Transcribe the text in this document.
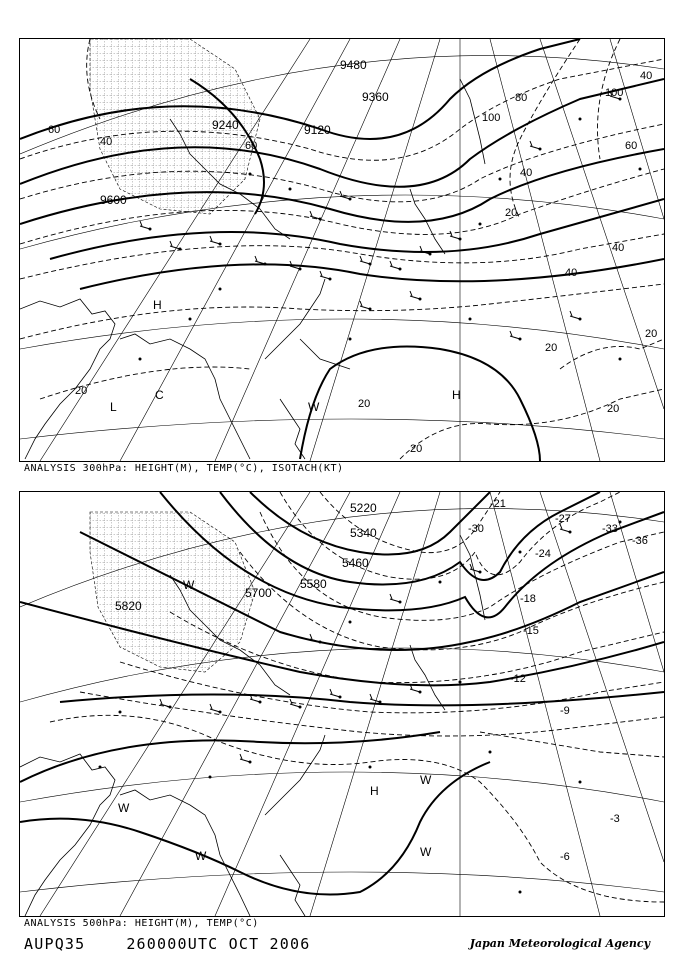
9600
9120
9240
9360
9480
20
20
20
20
20
20
20
40
40
40
40
60
60
60
80
40
100
100
H
L
C
W
H
ANALYSIS 300hPa: HEIGHT(M), TEMP(°C), ISOTACH(KT)
5820
5700
5580
5460
5340
5220
-3
-6
-9
-12
-15
-18
-24
-27
-33
-36
-21
-30
W
W
W
W
H
W
ANALYSIS 500hPa: HEIGHT(M), TEMP(°C)
AUPQ35	260000UTC OCT 2006	Japan Meteorological Agency
